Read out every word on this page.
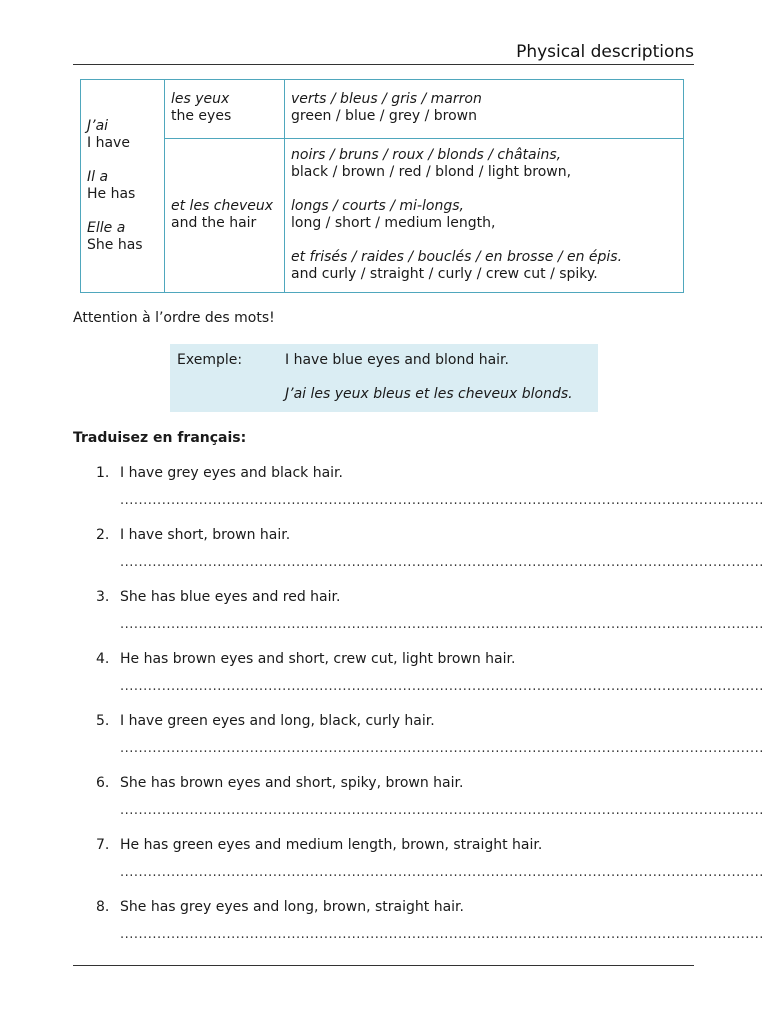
Physical descriptions
J’ai
I have
Il a
He has
Elle a
She has
les yeux
the eyes
verts / bleus / gris / marron
green / blue / grey / brown
et les cheveux
and the hair
noirs / bruns / roux / blonds / châtains,
black / brown / red / blond / light brown,
longs / courts / mi-longs,
long / short / medium length,
et frisés / raides / bouclés / en brosse / en épis.
and curly / straight / curly / crew cut / spiky.
Attention à l’ordre des mots!
Exemple:	I have blue eyes and blond hair.
J’ai les yeux bleus et les cheveux blonds.
Traduisez en français:
1. I have grey eyes and black hair.
...........................................................................................................................................
2. I have short, brown hair.
...........................................................................................................................................
3. She has blue eyes and red hair.
...........................................................................................................................................
4. He has brown eyes and short, crew cut, light brown hair.
...........................................................................................................................................
5. I have green eyes and long, black, curly hair.
...........................................................................................................................................
6. She has brown eyes and short, spiky, brown hair.
...........................................................................................................................................
7. He has green eyes and medium length, brown, straight hair.
...........................................................................................................................................
8. She has grey eyes and long, brown, straight hair.
...........................................................................................................................................
